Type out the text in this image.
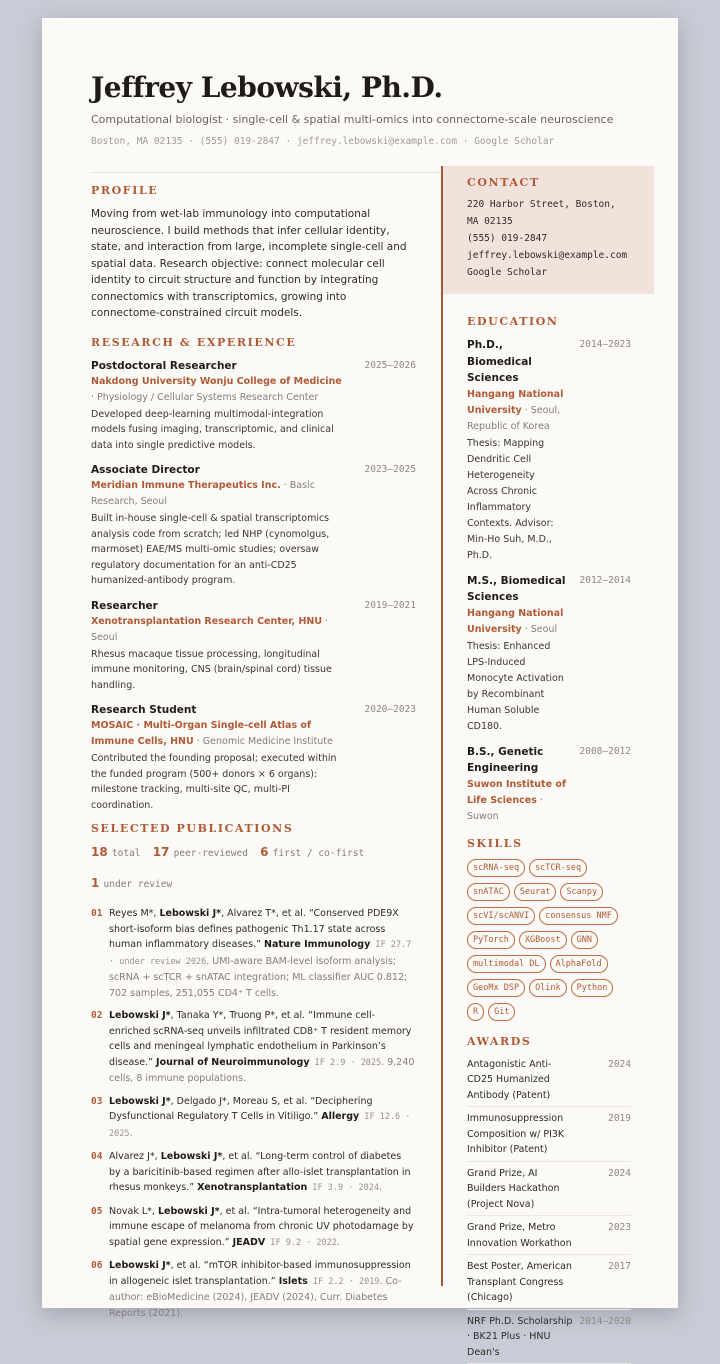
Jeffrey Lebowski, Ph.D.
Computational biologist · single-cell & spatial multi-omics into connectome-scale neuroscience
Boston, MA 02135 · (555) 019-2847 · jeffrey.lebowski@example.com · Google Scholar
PROFILE

Moving from wet-lab immunology into computational neuroscience. I build methods that infer cellular identity, state, and interaction from large, incomplete single-cell and spatial data. Research objective: connect molecular cell identity to circuit structure and function by integrating connectomics with transcriptomics, growing into connectome-constrained circuit models.

RESEARCH & EXPERIENCE
Postdoctoral Researcher	2025–2026
Nakdong University Wonju College of Medicine · Physiology / Cellular Systems Research Center
Developed deep-learning multimodal-integration models fusing imaging, transcriptomic, and clinical data into single predictive models.
Associate Director	2023–2025
Meridian Immune Therapeutics Inc. · Basic Research, Seoul
Built in-house single-cell & spatial transcriptomics analysis code from scratch; led NHP (cynomolgus, marmoset) EAE/MS multi-omic studies; oversaw regulatory documentation for an anti-CD25 humanized-antibody program.
Researcher	2019–2021
Xenotransplantation Research Center, HNU · Seoul
Rhesus macaque tissue processing, longitudinal immune monitoring, CNS (brain/spinal cord) tissue handling.
Research Student	2020–2023
MOSAIC · Multi-Organ Single-cell Atlas of Immune Cells, HNU · Genomic Medicine Institute
Contributed the founding proposal; executed within the funded program (500+ donors × 6 organs): milestone tracking, multi-site QC, multi-PI coordination.
SELECTED PUBLICATIONS
18 total 17 peer-reviewed 6 first / co-first
1 under review
01 Reyes M*, Lebowski J*, Alvarez T*, et al. “Conserved PDE9X short-isoform bias defines pathogenic Th1.17 state across human inflammatory diseases.” Nature Immunology IF 27.7 · under review 2026. UMI-aware BAM-level isoform analysis; scRNA + scTCR + snATAC integration; ML classifier AUC 0.812; 702 samples, 251,055 CD4⁺ T cells.
02 Lebowski J*, Tanaka Y*, Truong P*, et al. “Immune cell-enriched scRNA-seq unveils infiltrated CD8⁺ T resident memory cells and meningeal lymphatic endothelium in Parkinson’s disease.” Journal of Neuroimmunology IF 2.9 · 2025. 9,240 cells, 8 immune populations.
03 Lebowski J*, Delgado J*, Moreau S, et al. “Deciphering Dysfunctional Regulatory T Cells in Vitiligo.” Allergy IF 12.6 · 2025.
04 Alvarez J*, Lebowski J*, et al. “Long-term control of diabetes by a baricitinib-based regimen after allo-islet transplantation in rhesus monkeys.” Xenotransplantation IF 3.9 · 2024.
05 Novak L*, Lebowski J*, et al. “Intra-tumoral heterogeneity and immune escape of melanoma from chronic UV photodamage by spatial gene expression.” JEADV IF 9.2 · 2022.
06 Lebowski J*, et al. “mTOR inhibitor-based immunosuppression in allogeneic islet transplantation.” Islets IF 2.2 · 2019. Co-author: eBioMedicine (2024), JEADV (2024), Curr. Diabetes Reports (2021).
CONTACT
220 Harbor Street, Boston, MA 02135
(555) 019-2847
jeffrey.lebowski@example.com
Google Scholar
EDUCATION
Ph.D., Biomedical Sciences
2014–2023
Hangang National University · Seoul, Republic of Korea
Thesis: Mapping Dendritic Cell Heterogeneity Across Chronic Inflammatory Contexts. Advisor: Min-Ho Suh, M.D., Ph.D.
M.S., Biomedical Sciences
2012–2014
Hangang National University · Seoul
Thesis: Enhanced LPS-Induced Monocyte Activation by Recombinant Human Soluble CD180.
B.S., Genetic Engineering
2008–2012
Suwon Institute of Life Sciences · Suwon
SKILLS
scRNA-seq	scTCR-seq
snATAC	Seurat	Scanpy
scVI/scANVI	consensus NMF
PyTorch	XGBoost	GNN
multimodal DL	AlphaFold
GeoMx DSP	Olink	Python
R	Git
AWARDS
Antagonistic Anti-CD25 Humanized Antibody (Patent)
2024
Immunosuppression Composition w/ PI3K Inhibitor (Patent)
2019
Grand Prize, AI Builders Hackathon (Project Nova)
2024
Grand Prize, Metro Innovation Workathon
2023
Best Poster, American Transplant Congress (Chicago)
2017
NRF Ph.D. Scholarship · BK21 Plus · HNU Dean's
2014–2020
